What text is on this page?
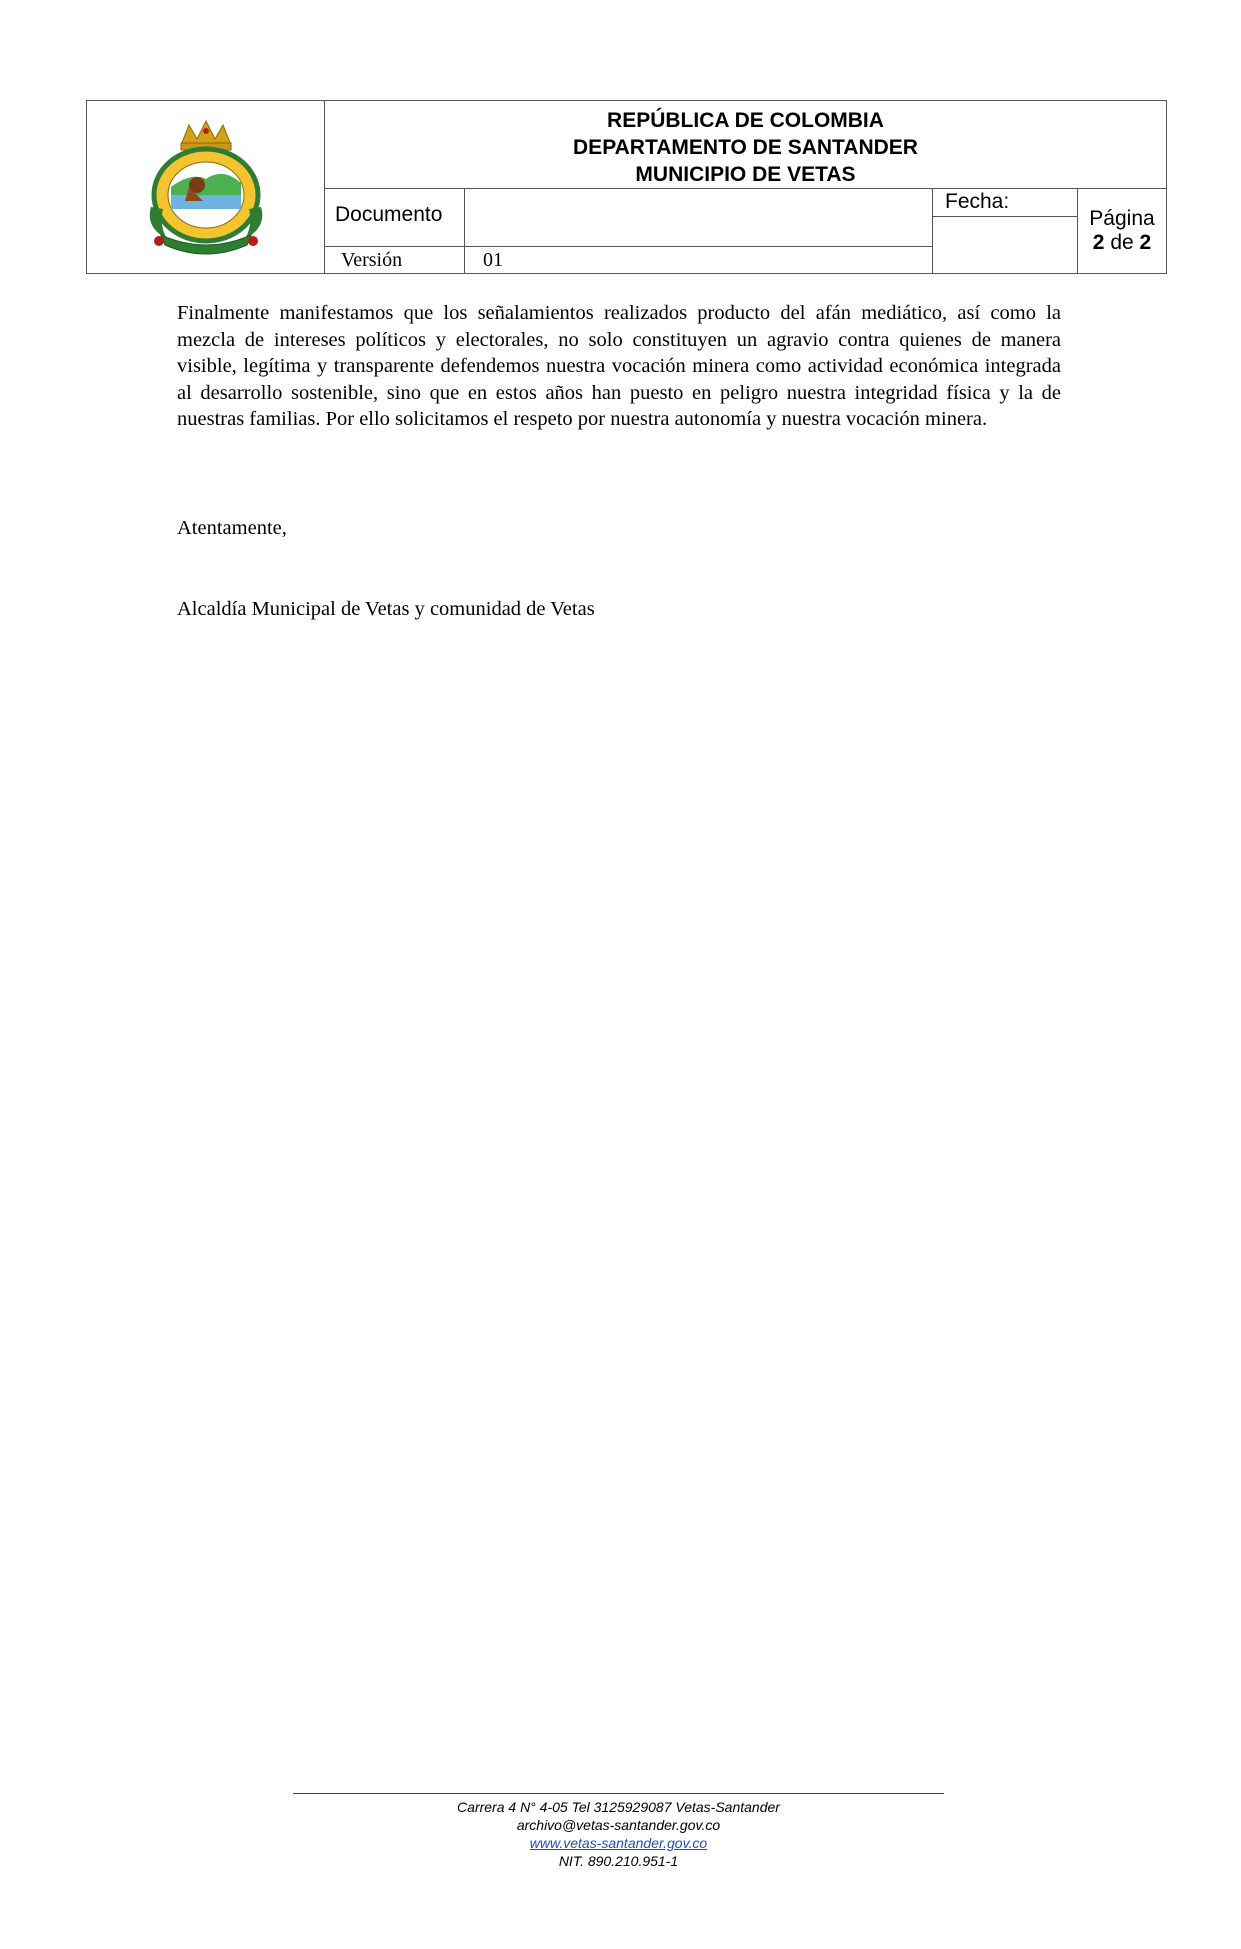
REPÚBLICA DE COLOMBIA
DEPARTAMENTO DE SANTANDER
MUNICIPIO DE VETAS
Documento
Versión	01
Fecha:
Página
2 de 2
Finalmente manifestamos que los señalamientos realizados producto del afán mediático, así como la mezcla de intereses políticos y electorales, no solo constituyen un agravio contra quienes de manera visible, legítima y transparente defendemos nuestra vocación minera como actividad económica integrada al desarrollo sostenible, sino que en estos años han puesto en peligro nuestra integridad física y la de nuestras familias. Por ello solicitamos el respeto por nuestra autonomía y nuestra vocación minera.
Atentamente,
Alcaldía Municipal de Vetas y comunidad de Vetas
Carrera 4 N° 4-05 Tel 3125929087 Vetas-Santander
archivo@vetas-santander.gov.co
www.vetas-santander.gov.co
NIT. 890.210.951-1
